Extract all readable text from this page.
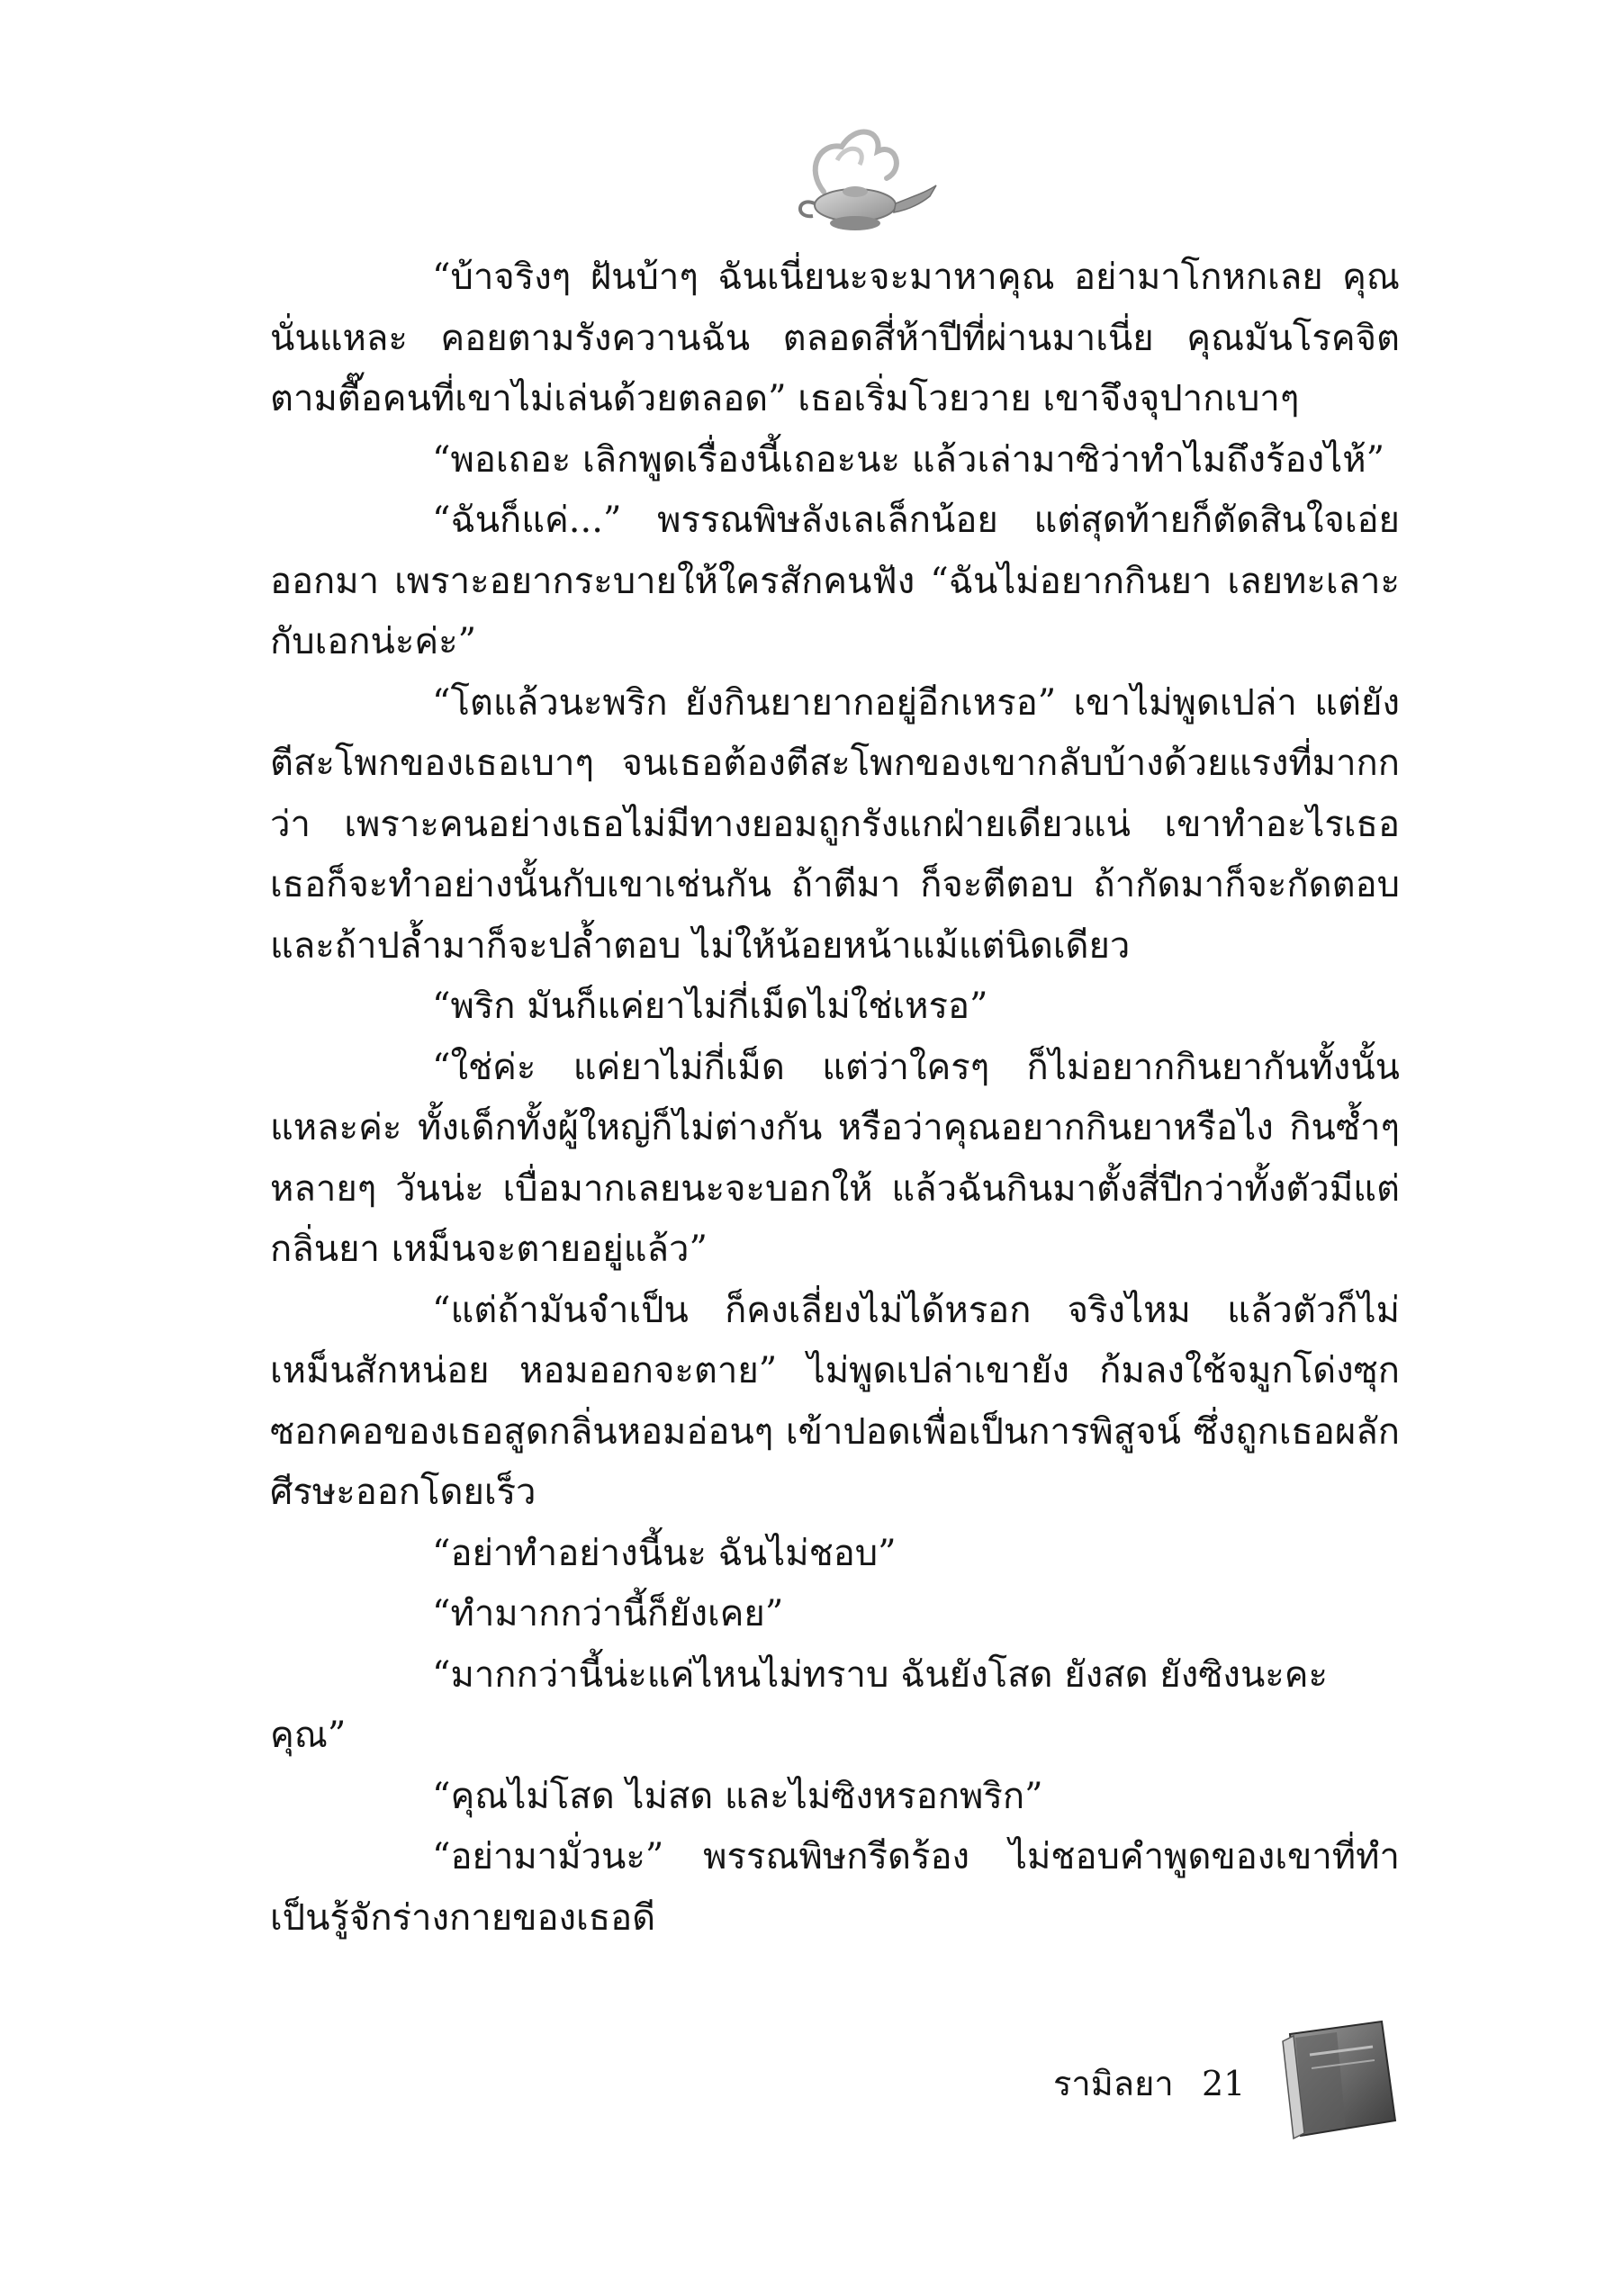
“บ้าจริงๆ ฝันบ้าๆ ฉันเนี่ยนะจะมาหาคุณ อย่ามาโกหกเลย คุณนั่นแหละ คอยตามรังควานฉัน ตลอดสี่ห้าปีที่ผ่านมาเนี่ย คุณมันโรคจิต ตามตื๊อคนที่เขาไม่เล่นด้วยตลอด” เธอเริ่มโวยวาย เขาจึงจุปากเบาๆ

“พอเถอะ เลิกพูดเรื่องนี้เถอะนะ แล้วเล่ามาซิว่าทำไมถึงร้องไห้”

“ฉันก็แค่...” พรรณพิษลังเลเล็กน้อย แต่สุดท้ายก็ตัดสินใจเอ่ยออกมา เพราะอยากระบายให้ใครสักคนฟัง “ฉันไม่อยากกินยา เลยทะเลาะกับเอกน่ะค่ะ”

“โตแล้วนะพริก ยังกินยายากอยู่อีกเหรอ” เขาไม่พูดเปล่า แต่ยังตีสะโพกของเธอเบาๆ จนเธอต้องตีสะโพกของเขากลับบ้างด้วยแรงที่มากกว่า เพราะคนอย่างเธอไม่มีทางยอมถูกรังแกฝ่ายเดียวแน่ เขาทำอะไรเธอ เธอก็จะทำอย่างนั้นกับเขาเช่นกัน ถ้าตีมา ก็จะตีตอบ ถ้ากัดมาก็จะกัดตอบ และถ้าปล้ำมาก็จะปล้ำตอบ ไม่ให้น้อยหน้าแม้แต่นิดเดียว

“พริก มันก็แค่ยาไม่กี่เม็ดไม่ใช่เหรอ”

“ใช่ค่ะ แค่ยาไม่กี่เม็ด แต่ว่าใครๆ ก็ไม่อยากกินยากันทั้งนั้นแหละค่ะ ทั้งเด็กทั้งผู้ใหญ่ก็ไม่ต่างกัน หรือว่าคุณอยากกินยาหรือไง กินซ้ำๆ หลายๆ วันน่ะ เบื่อมากเลยนะจะบอกให้ แล้วฉันกินมาตั้งสี่ปีกว่าทั้งตัวมีแต่กลิ่นยา เหม็นจะตายอยู่แล้ว”

“แต่ถ้ามันจำเป็น ก็คงเลี่ยงไม่ได้หรอก จริงไหม แล้วตัวก็ไม่เหม็นสักหน่อย หอมออกจะตาย” ไม่พูดเปล่าเขายัง ก้มลงใช้จมูกโด่งซุกซอกคอของเธอสูดกลิ่นหอมอ่อนๆ เข้าปอดเพื่อเป็นการพิสูจน์ ซึ่งถูกเธอผลักศีรษะออกโดยเร็ว

“อย่าทำอย่างนี้นะ ฉันไม่ชอบ”

“ทำมากกว่านี้ก็ยังเคย”

“มากกว่านี้น่ะแค่ไหนไม่ทราบ ฉันยังโสด ยังสด ยังซิงนะคะคุณ”

“คุณไม่โสด ไม่สด และไม่ซิงหรอกพริก”

“อย่ามามั่วนะ” พรรณพิษกรีดร้อง ไม่ชอบคำพูดของเขาที่ทำเป็นรู้จักร่างกายของเธอดี

รามิลยา 21
